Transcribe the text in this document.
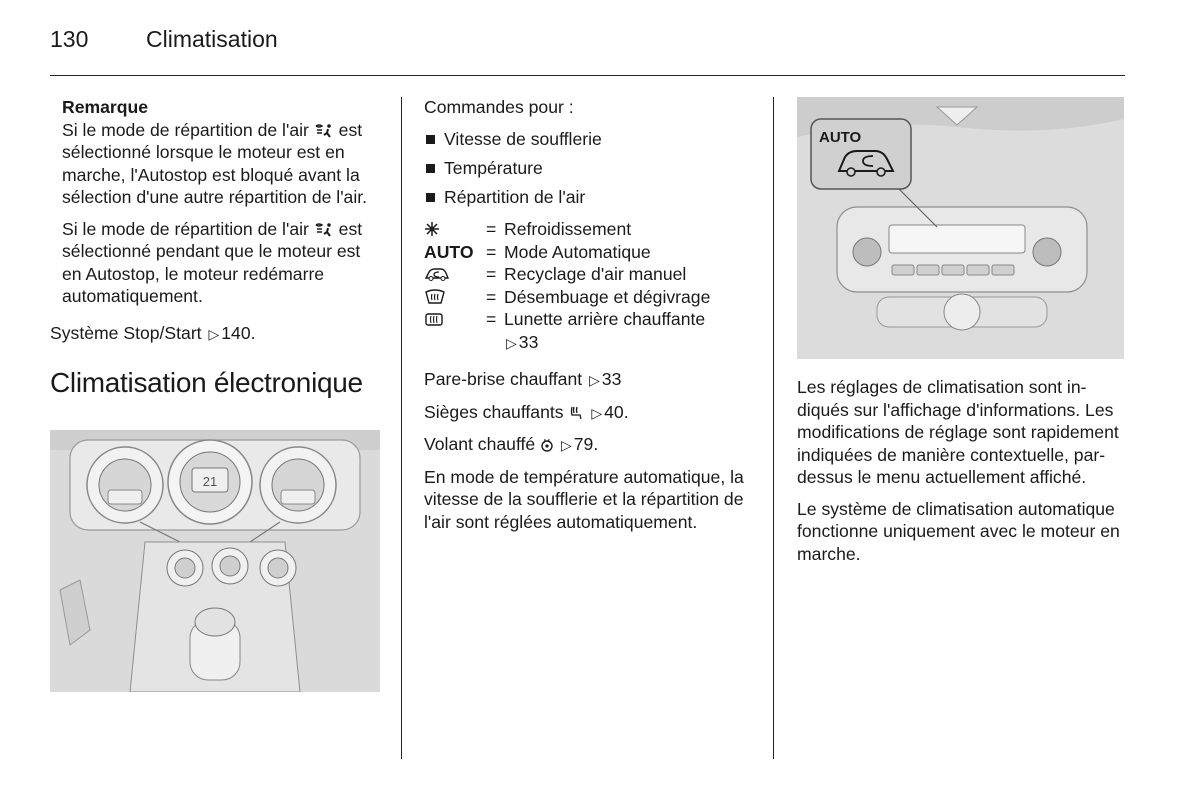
130	Climatisation
Remarque

Si le mode de répartition de l'air est sélectionné lorsque le moteur est en marche, l'Autostop est bloqué avant la sélection d'une autre répartition de l'air.

Si le mode de répartition de l'air est sélectionné pendant que le moteur est en Autostop, le moteur redémarre automatiquement.

Système Stop/Start ▷ 140.

Climatisation électronique
21

Commandes pour :

Vitesse de soufflerie
Température
Répartition de l'air
= Refroidissement
AUTO = Mode Automatique
= Recyclage d'air manuel
= Désembuage et dégivrage
= Lunette arrière chauffante
▷ 33

Pare-brise chauffant ▷ 33

Sièges chauffants ▷ 40.

Volant chauffé ▷ 79.

En mode de température automatique, la vitesse de la soufflerie et la répartition de l'air sont réglées automatiquement.

AUTO

Les réglages de climatisation sont indiqués sur l'affichage d'informations. Les modifications de réglage sont rapidement indiquées de manière contextuelle, par-dessus le menu actuellement affiché.

Le système de climatisation automatique fonctionne uniquement avec le moteur en marche.
